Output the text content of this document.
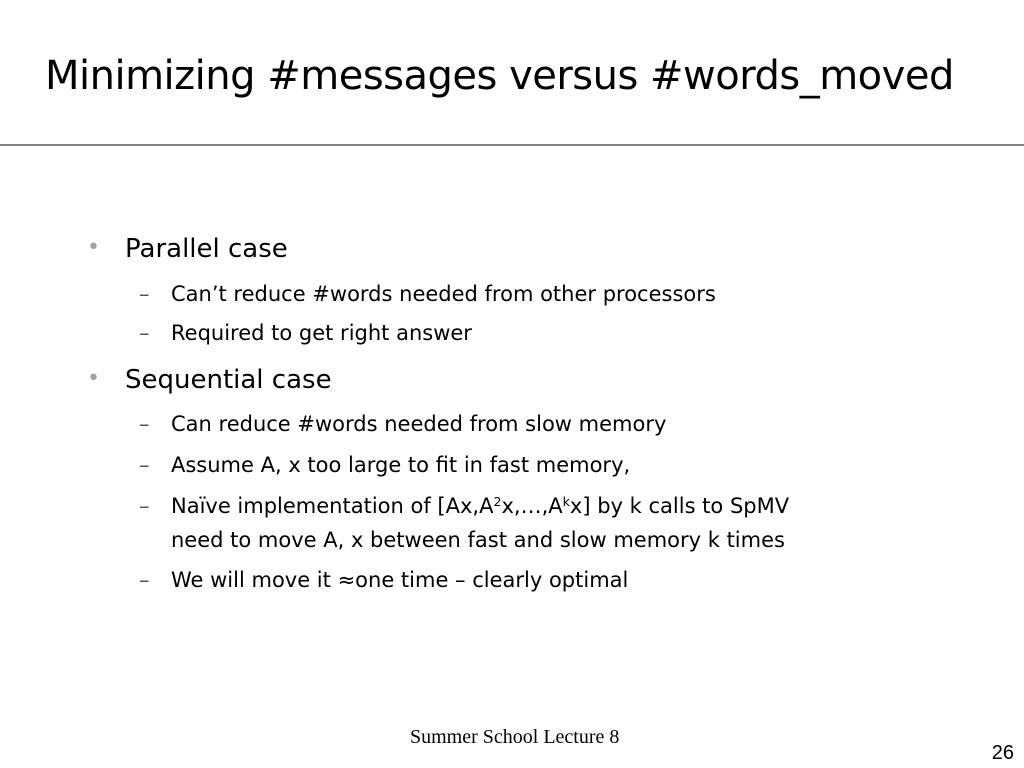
Minimizing #messages versus #words_moved
• Parallel case
– Can’t reduce #words needed from other processors
– Required to get right answer
• Sequential case
– Can reduce #words needed from slow memory
– Assume A, x too large to fit in fast memory,
– Naïve implementation of $[Ax,A^2x,\dots,A^kx]$ by k calls to SpMV
need to move A, x between fast and slow memory k times
– We will move it ≈one time – clearly optimal
Summer School Lecture 8
26
